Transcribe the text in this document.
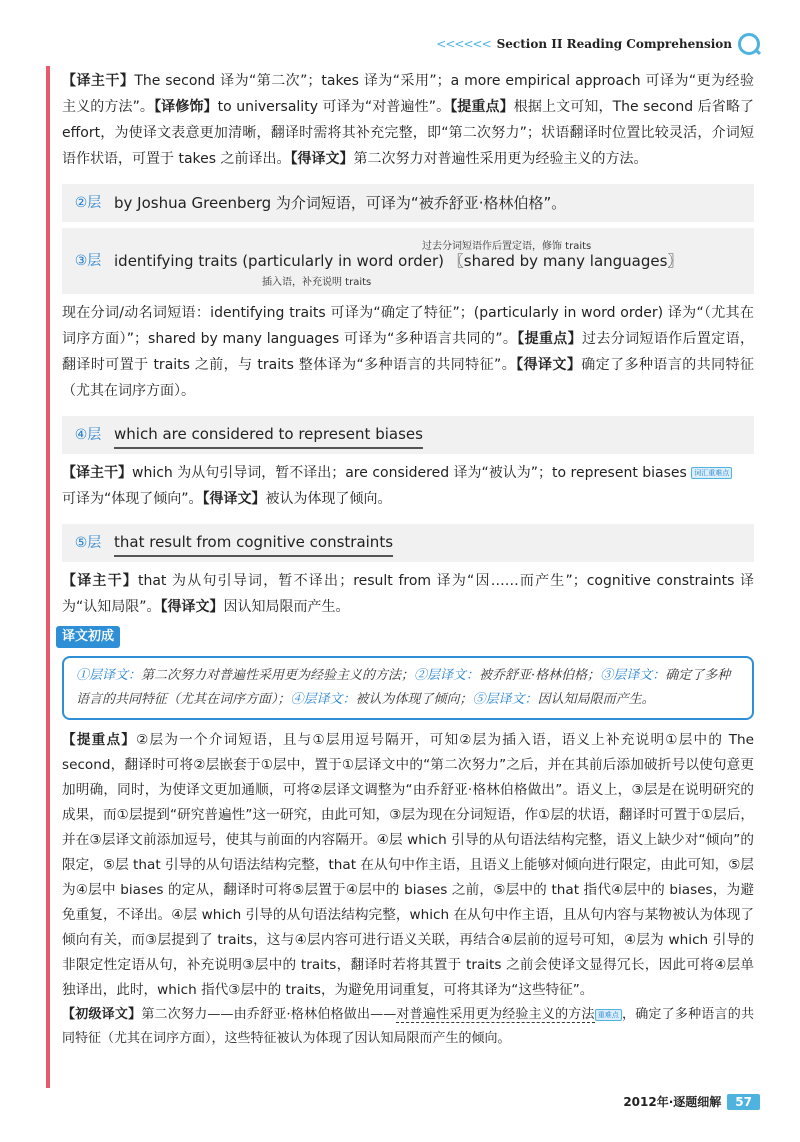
<<<<<< Section II Reading Comprehension

【译主干】The second 译为“第二次”；takes 译为“采用”；a more empirical approach 可译为“更为经验主义的方法”。【译修饰】to universality 可译为“对普遍性”。【提重点】根据上文可知，The second 后省略了 effort，为使译文表意更加清晰，翻译时需将其补充完整，即“第二次努力”；状语翻译时位置比较灵活，介词短语作状语，可置于 takes 之前译出。【得译文】第二次努力对普遍性采用更为经验主义的方法。

②层 by Joshua Greenberg 为介词短语，可译为“被乔舒亚·格林伯格”。
③层 identifying traits (particularly in word order) 〖shared by many languages〗
过去分词短语作后置定语，修饰 traits
插入语，补充说明 traits

现在分词/动名词短语：identifying traits 可译为“确定了特征”；(particularly in word order) 译为“（尤其在词序方面）”；shared by many languages 可译为“多种语言共同的”。【提重点】过去分词短语作后置定语，翻译时可置于 traits 之前，与 traits 整体译为“多种语言的共同特征”。【得译文】确定了多种语言的共同特征（尤其在词序方面）。

④层 which are considered to represent biases

【译主干】which 为从句引导词，暂不译出；are considered 译为“被认为”；to represent biases 词汇重难点
可译为“体现了倾向”。【得译文】被认为体现了倾向。

⑤层 that result from cognitive constraints

【译主干】that 为从句引导词，暂不译出；result from 译为“因……而产生”；cognitive constraints 译为“认知局限”。【得译文】因认知局限而产生。

译文初成
①层译文：第二次努力对普遍性采用更为经验主义的方法；②层译文：被乔舒亚·格林伯格；③层译文：确定了多种语言的共同特征（尤其在词序方面）；④层译文：被认为体现了倾向；⑤层译文：因认知局限而产生。

【提重点】②层为一个介词短语，且与①层用逗号隔开，可知②层为插入语，语义上补充说明①层中的 The second，翻译时可将②层嵌套于①层中，置于①层译文中的“第二次努力”之后，并在其前后添加破折号以使句意更加明确，同时，为使译文更加通顺，可将②层译文调整为“由乔舒亚·格林伯格做出”。语义上，③层是在说明研究的成果，而①层提到“研究普遍性”这一研究，由此可知，③层为现在分词短语，作①层的状语，翻译时可置于①层后，并在③层译文前添加逗号，使其与前面的内容隔开。④层 which 引导的从句语法结构完整，语义上缺少对“倾向”的限定，⑤层 that 引导的从句语法结构完整，that 在从句中作主语，且语义上能够对倾向进行限定，由此可知，⑤层为④层中 biases 的定从，翻译时可将⑤层置于④层中的 biases 之前，⑤层中的 that 指代④层中的 biases，为避免重复，不译出。④层 which 引导的从句语法结构完整，which 在从句中作主语，且从句内容与某物被认为体现了倾向有关，而③层提到了 traits，这与④层内容可进行语义关联，再结合④层前的逗号可知，④层为 which 引导的非限定性定语从句，补充说明③层中的 traits，翻译时若将其置于 traits 之前会使译文显得冗长，因此可将④层单独译出，此时，which 指代③层中的 traits，为避免用词重复，可将其译为“这些特征”。

【初级译文】第二次努力——由乔舒亚·格林伯格做出——对普遍性采用更为经验主义的方法 重难点 ，确定了多种语言的共同特征（尤其在词序方面），这些特征被认为体现了因认知局限而产生的倾向。

2012年·逐题细解	57
